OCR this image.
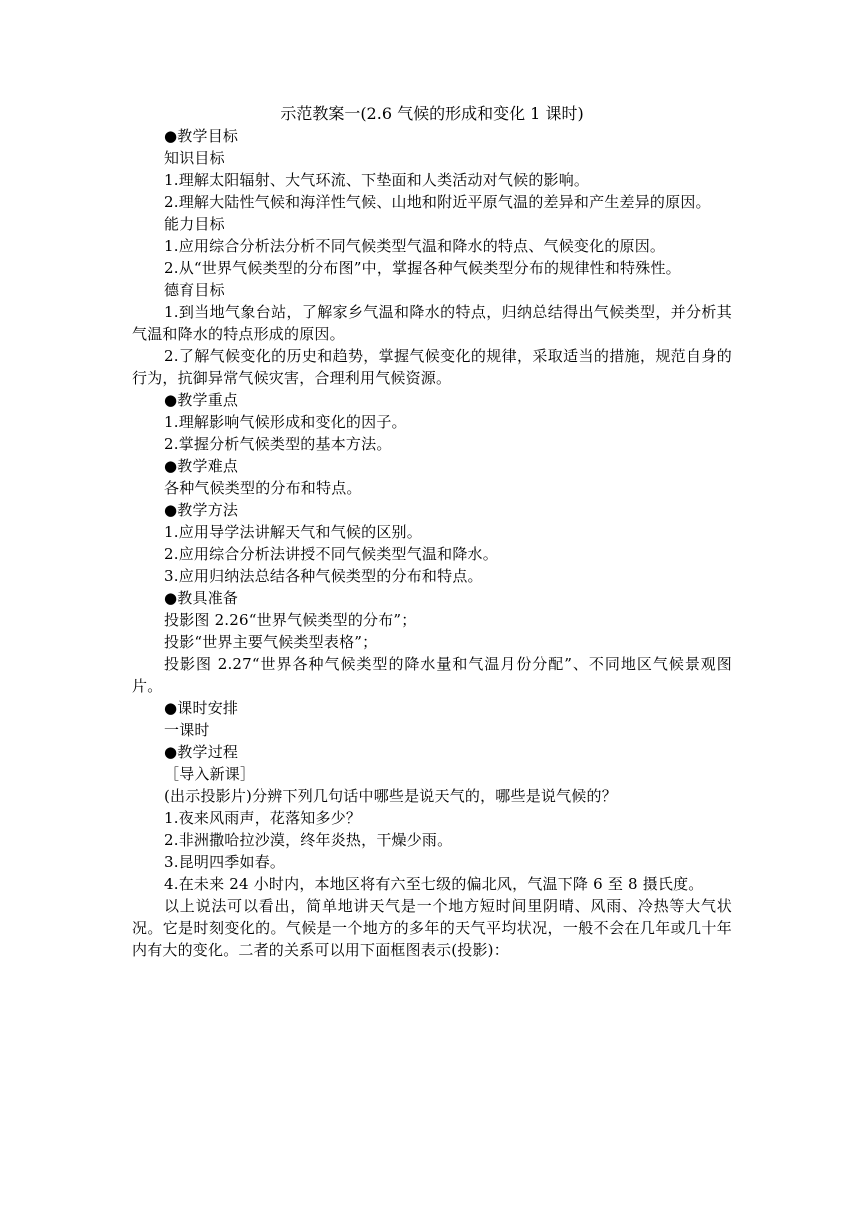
示范教案一(2.6 气候的形成和变化 1 课时)
●教学目标
知识目标
1.理解太阳辐射、大气环流、下垫面和人类活动对气候的影响。
2.理解大陆性气候和海洋性气候、山地和附近平原气温的差异和产生差异的原因。
能力目标
1.应用综合分析法分析不同气候类型气温和降水的特点、气候变化的原因。
2.从“世界气候类型的分布图”中，掌握各种气候类型分布的规律性和特殊性。
德育目标
1.到当地气象台站，了解家乡气温和降水的特点，归纳总结得出气候类型，并分析其气温和降水的特点形成的原因。
2.了解气候变化的历史和趋势，掌握气候变化的规律，采取适当的措施，规范自身的行为，抗御异常气候灾害，合理利用气候资源。
●教学重点
1.理解影响气候形成和变化的因子。
2.掌握分析气候类型的基本方法。
●教学难点
各种气候类型的分布和特点。
●教学方法
1.应用导学法讲解天气和气候的区别。
2.应用综合分析法讲授不同气候类型气温和降水。
3.应用归纳法总结各种气候类型的分布和特点。
●教具准备
投影图 2.26“世界气候类型的分布”；
投影“世界主要气候类型表格”；
投影图 2.27“世界各种气候类型的降水量和气温月份分配”、不同地区气候景观图片。
●课时安排
一课时
●教学过程
［导入新课］
(出示投影片)分辨下列几句话中哪些是说天气的，哪些是说气候的？
1.夜来风雨声，花落知多少？
2.非洲撒哈拉沙漠，终年炎热，干燥少雨。
3.昆明四季如春。
4.在未来 24 小时内，本地区将有六至七级的偏北风，气温下降 6 至 8 摄氏度。
以上说法可以看出，简单地讲天气是一个地方短时间里阴晴、风雨、冷热等大气状况。它是时刻变化的。气候是一个地方的多年的天气平均状况，一般不会在几年或几十年内有大的变化。二者的关系可以用下面框图表示(投影)：
